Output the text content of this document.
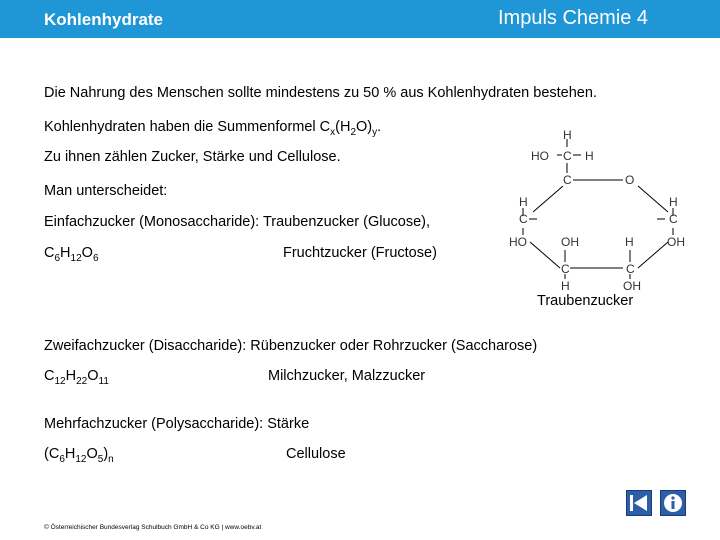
Kohlenhydrate	Impuls Chemie 4
Die Nahrung des Menschen sollte mindestens zu 50 % aus Kohlenhydraten bestehen.
Kohlenhydraten haben die Summenformel $C_x(H_2O)_y$.
Zu ihnen zählen Zucker, Stärke und Cellulose.
Man unterscheidet:
Einfachzucker (Monosaccharide): Traubenzucker (Glucose),
$C_6H_{12}O_6$	Fruchtzucker (Fructose)
Zweifachzucker (Disaccharide): Rübenzucker oder Rohrzucker (Saccharose)
$C_{12}H_{22}O_{11}$	Milchzucker, Malzzucker
Mehrfachzucker (Polysaccharide): Stärke
$(C_6H_{12}O_5)_n$	Cellulose
H
HO C H
C	O
H
C	C
H
HO	OH	H	OH
C	C
H	OH
Traubenzucker
© Österreichischer Bundesverlag Schulbuch GmbH & Co KG | www.oebv.at
